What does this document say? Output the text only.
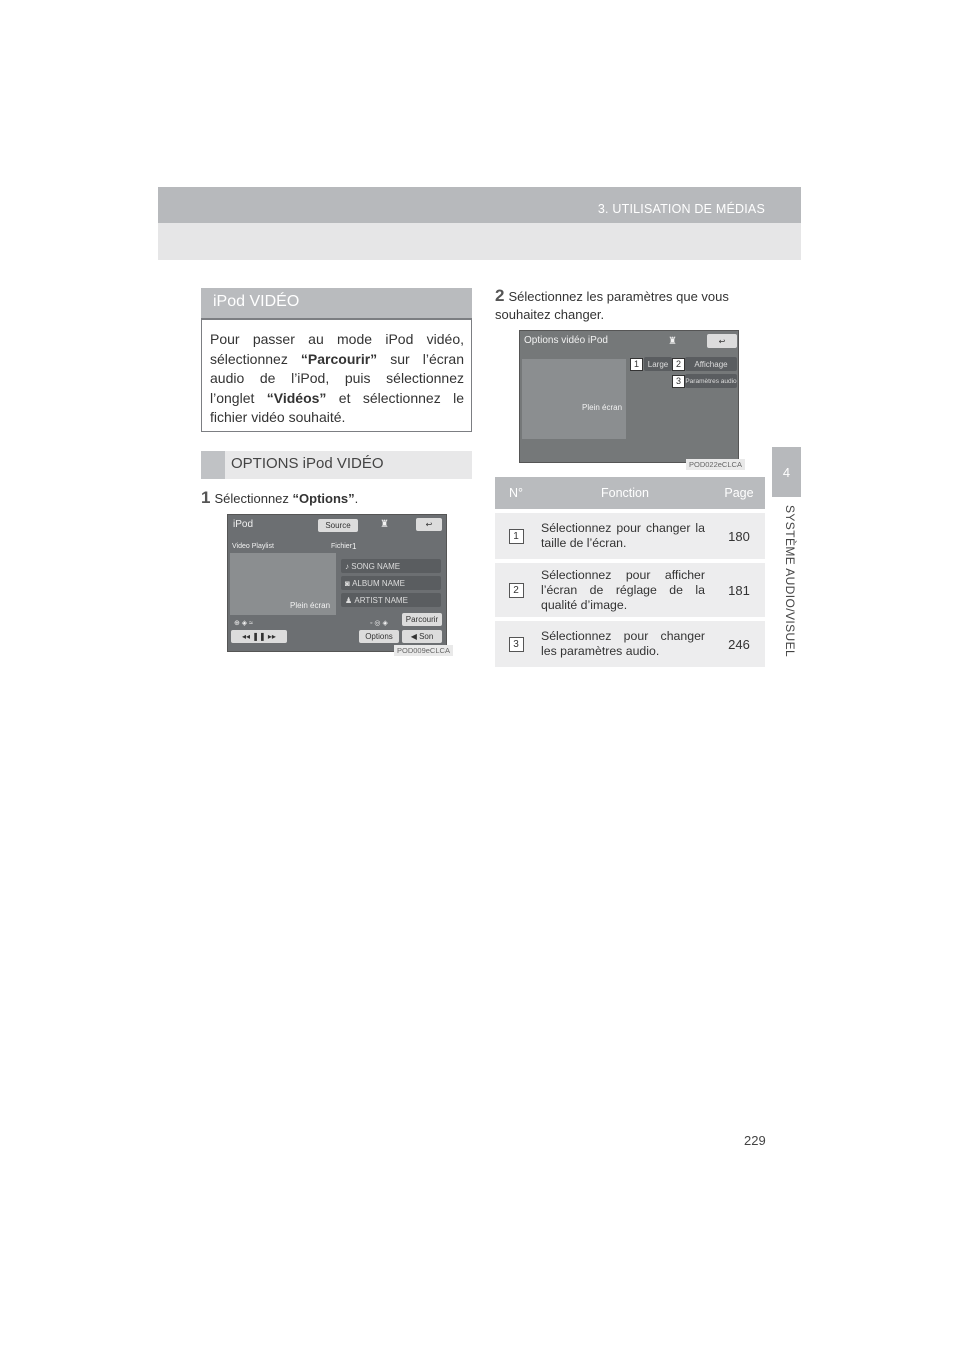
3. UTILISATION DE MÉDIAS
4
SYSTÈME AUDIO/VISUEL
iPod VIDÉO
Pour passer au mode iPod vidéo, sélectionnez “Parcourir” sur l’écran audio de l’iPod, puis sélectionnez l’onglet “Vidéos” et sélectionnez le fichier vidéo souhaité.
OPTIONS iPod VIDÉO
1 Sélectionnez “Options”.
iPod	Source	♜	↩
Video Playlist	Fichier 1
Plein écran
♪ SONG NAME
◙ ALBUM NAME
♟ ARTIST NAME
⊕ ◈ ≈	◦ ◎ ◈	Parcourir
◂◂ ❚❚ ▸▸	Options	◀ Son
POD009eCLCA
2 Sélectionnez les paramètres que vous souhaitez changer.
Options vidéo iPod	♜	↩
Plein écran
Large	Affichage
Paramètres audio
1	2
3
POD022eCLCA
N°	Fonction	Page
1	Sélectionnez pour changer la taille de l’écran.	180
2	Sélectionnez pour afficher l’écran de réglage de la qualité d’image.	181
3	Sélectionnez pour changer les paramètres audio.	246
229
